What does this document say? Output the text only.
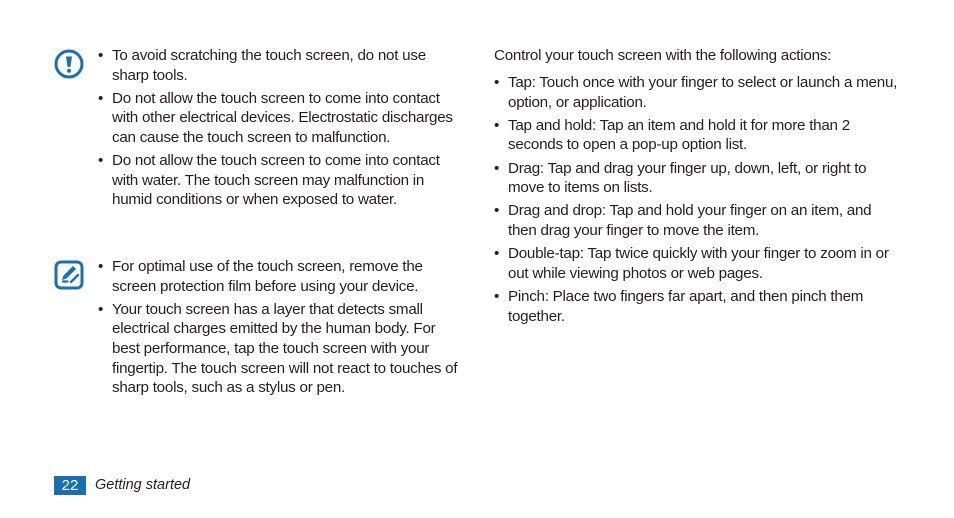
• To avoid scratching the touch screen, do not use sharp tools.
• Do not allow the touch screen to come into contact with other electrical devices. Electrostatic discharges can cause the touch screen to malfunction.
• Do not allow the touch screen to come into contact with water. The touch screen may malfunction in humid conditions or when exposed to water.
• For optimal use of the touch screen, remove the screen protection film before using your device.
• Your touch screen has a layer that detects small electrical charges emitted by the human body. For best performance, tap the touch screen with your fingertip. The touch screen will not react to touches of sharp tools, such as a stylus or pen.
Control your touch screen with the following actions:
• Tap: Touch once with your finger to select or launch a menu, option, or application.
• Tap and hold: Tap an item and hold it for more than 2 seconds to open a pop-up option list.
• Drag: Tap and drag your finger up, down, left, or right to move to items on lists.
• Drag and drop: Tap and hold your finger on an item, and then drag your finger to move the item.
• Double-tap: Tap twice quickly with your finger to zoom in or out while viewing photos or web pages.
• Pinch: Place two fingers far apart, and then pinch them together.
22	Getting started
